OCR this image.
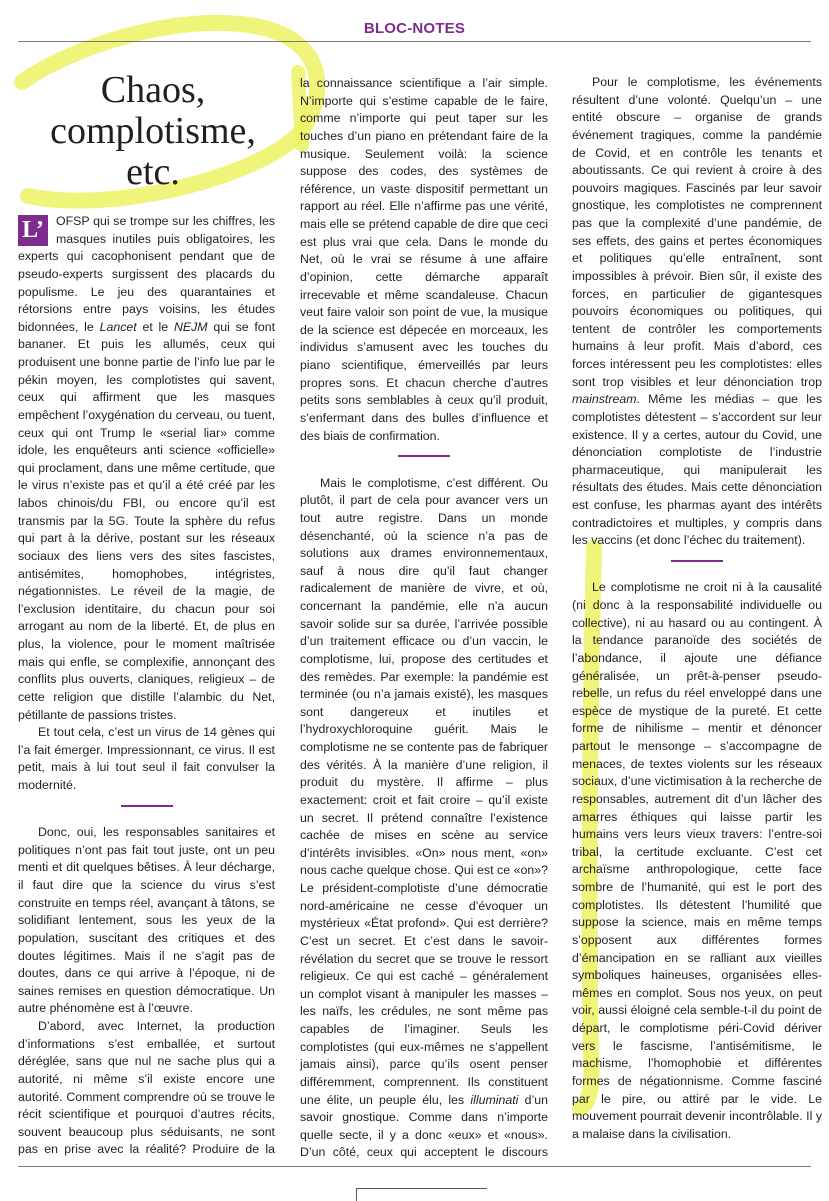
BLOC-NOTES
Chaos, complotisme, etc.

L’ OFSP qui se trompe sur les chiffres, les masques inutiles puis obligatoires, les experts qui cacophonisent pendant que de pseudo-experts surgissent des placards du populisme. Le jeu des quarantaines et rétorsions entre pays voisins, les études bidonnées, le Lancet et le NEJM qui se font bananer. Et puis les allumés, ceux qui produisent une bonne partie de l’info lue par le pékin moyen, les complotistes qui savent, ceux qui affirment que les masques empêchent l’oxygénation du cerveau, ou tuent, ceux qui ont Trump le «serial liar» comme idole, les enquêteurs anti science «officielle» qui proclament, dans une même certitude, que le virus n’existe pas et qu’il a été créé par les labos chinois/du FBI, ou encore qu’il est transmis par la 5G. Toute la sphère du refus qui part à la dérive, postant sur les réseaux sociaux des liens vers des sites fascistes, antisémites, homophobes, intégristes, négationnistes. Le réveil de la magie, de l’exclusion identitaire, du chacun pour soi arrogant au nom de la liberté. Et, de plus en plus, la violence, pour le moment maîtrisée mais qui enfle, se complexifie, annonçant des conflits plus ouverts, claniques, religieux – de cette religion que distille l’alambic du Net, pétillante de passions tristes.

Et tout cela, c’est un virus de 14 gènes qui l’a fait émerger. Impressionnant, ce virus. Il est petit, mais à lui tout seul il fait convulser la modernité.

Donc, oui, les responsables sanitaires et politiques n’ont pas fait tout juste, ont un peu menti et dit quelques bêtises. À leur décharge, il faut dire que la science du virus s’est construite en temps réel, avançant à tâtons, se solidifiant lentement, sous les yeux de la population, suscitant des critiques et des doutes légitimes. Mais il ne s’agit pas de doutes, dans ce qui arrive à l’époque, ni de saines remises en question démocratique. Un autre phénomène est à l’œuvre.

D’abord, avec Internet, la production d’informations s’est emballée, et surtout déréglée, sans que nul ne sache plus qui a autorité, ni même s’il existe encore une autorité. Comment comprendre où se trouve le récit scientifique et pourquoi d’autres récits, souvent beaucoup plus séduisants, ne sont pas en prise avec la réalité? Produire de la

la connaissance scientifique a l’air simple. N’importe qui s’estime capable de le faire, comme n’importe qui peut taper sur les touches d’un piano en prétendant faire de la musique. Seulement voilà: la science suppose des codes, des systèmes de référence, un vaste dispositif permettant un rapport au réel. Elle n’affirme pas une vérité, mais elle se prétend capable de dire que ceci est plus vrai que cela. Dans le monde du Net, où le vrai se résume à une affaire d’opinion, cette démarche apparaît irrecevable et même scandaleuse. Chacun veut faire valoir son point de vue, la musique de la science est dépecée en morceaux, les individus s’amusent avec les touches du piano scientifique, émerveillés par leurs propres sons. Et chacun cherche d’autres petits sons semblables à ceux qu’il produit, s’enfermant dans des bulles d’influence et des biais de confirmation.

Mais le complotisme, c’est différent. Ou plutôt, il part de cela pour avancer vers un tout autre registre. Dans un monde désenchanté, où la science n’a pas de solutions aux drames environnementaux, sauf à nous dire qu’il faut changer radicalement de manière de vivre, et où, concernant la pandémie, elle n’a aucun savoir solide sur sa durée, l’arrivée possible d’un traitement efficace ou d’un vaccin, le complotisme, lui, propose des certitudes et des remèdes. Par exemple: la pandémie est terminée (ou n’a jamais existé), les masques sont dangereux et inutiles et l’hydroxychloroquine guérit. Mais le complotisme ne se contente pas de fabriquer des vérités. À la manière d’une religion, il produit du mystère. Il affirme – plus exactement: croit et fait croire – qu’il existe un secret. Il prétend connaître l’existence cachée de mises en scène au service d’intérêts invisibles. «On» nous ment, «on» nous cache quelque chose. Qui est ce «on»? Le président-complotiste d’une démocratie nord-américaine ne cesse d’évoquer un mystérieux «État profond». Qui est derrière? C’est un secret. Et c’est dans le savoir-révélation du secret que se trouve le ressort religieux. Ce qui est caché – généralement un complot visant à manipuler les masses – les naïfs, les crédules, ne sont même pas capables de l’imaginer. Seuls les complotistes (qui eux-mêmes ne s’appellent jamais ainsi), parce qu’ils osent penser différemment, comprennent. Ils constituent une élite, un peuple élu, les illuminati d’un savoir gnostique. Comme dans n’importe quelle secte, il y a donc «eux» et «nous». D’un côté, ceux qui acceptent le discours

Pour le complotisme, les événements résultent d’une volonté. Quelqu’un – une entité obscure – organise de grands événement tragiques, comme la pandémie de Covid, et en contrôle les tenants et aboutissants. Ce qui revient à croire à des pouvoirs magiques. Fascinés par leur savoir gnostique, les complotistes ne comprennent pas que la complexité d’une pandémie, de ses effets, des gains et pertes économiques et politiques qu’elle entraînent, sont impossibles à prévoir. Bien sûr, il existe des forces, en particulier de gigantesques pouvoirs économiques ou politiques, qui tentent de contrôler les comportements humains à leur profit. Mais d’abord, ces forces intéressent peu les complotistes: elles sont trop visibles et leur dénonciation trop mainstream. Même les médias – que les complotistes détestent – s’accordent sur leur existence. Il y a certes, autour du Covid, une dénonciation complotiste de l’industrie pharmaceutique, qui manipulerait les résultats des études. Mais cette dénonciation est confuse, les pharmas ayant des intérêts contradictoires et multiples, y compris dans les vaccins (et donc l’échec du traitement).

Le complotisme ne croit ni à la causalité (ni donc à la responsabilité individuelle ou collective), ni au hasard ou au contingent. À la tendance paranoïde des sociétés de l’abondance, il ajoute une défiance généralisée, un prêt-à-penser pseudo-rebelle, un refus du réel enveloppé dans une espèce de mystique de la pureté. Et cette forme de nihilisme – mentir et dénoncer partout le mensonge – s’accompagne de menaces, de textes violents sur les réseaux sociaux, d’une victimisation à la recherche de responsables, autrement dit d’un lâcher des amarres éthiques qui laisse partir les humains vers leurs vieux travers: l’entre-soi tribal, la certitude excluante. C’est cet archaïsme anthropologique, cette face sombre de l’humanité, qui est le port des complotistes. Ils détestent l’humilité que suppose la science, mais en même temps s’opposent aux différentes formes d’émancipation en se ralliant aux vieilles symboliques haineuses, organisées elles-mêmes en complot. Sous nos yeux, on peut voir, aussi éloigné cela semble-t-il du point de départ, le complotisme péri-Covid dériver vers le fascisme, l’antisémitisme, le machisme, l’homophobie et différentes formes de négationnisme. Comme fasciné par le pire, ou attiré par le vide. Le mouvement pourrait devenir incontrôlable. Il y a malaise dans la civilisation.
